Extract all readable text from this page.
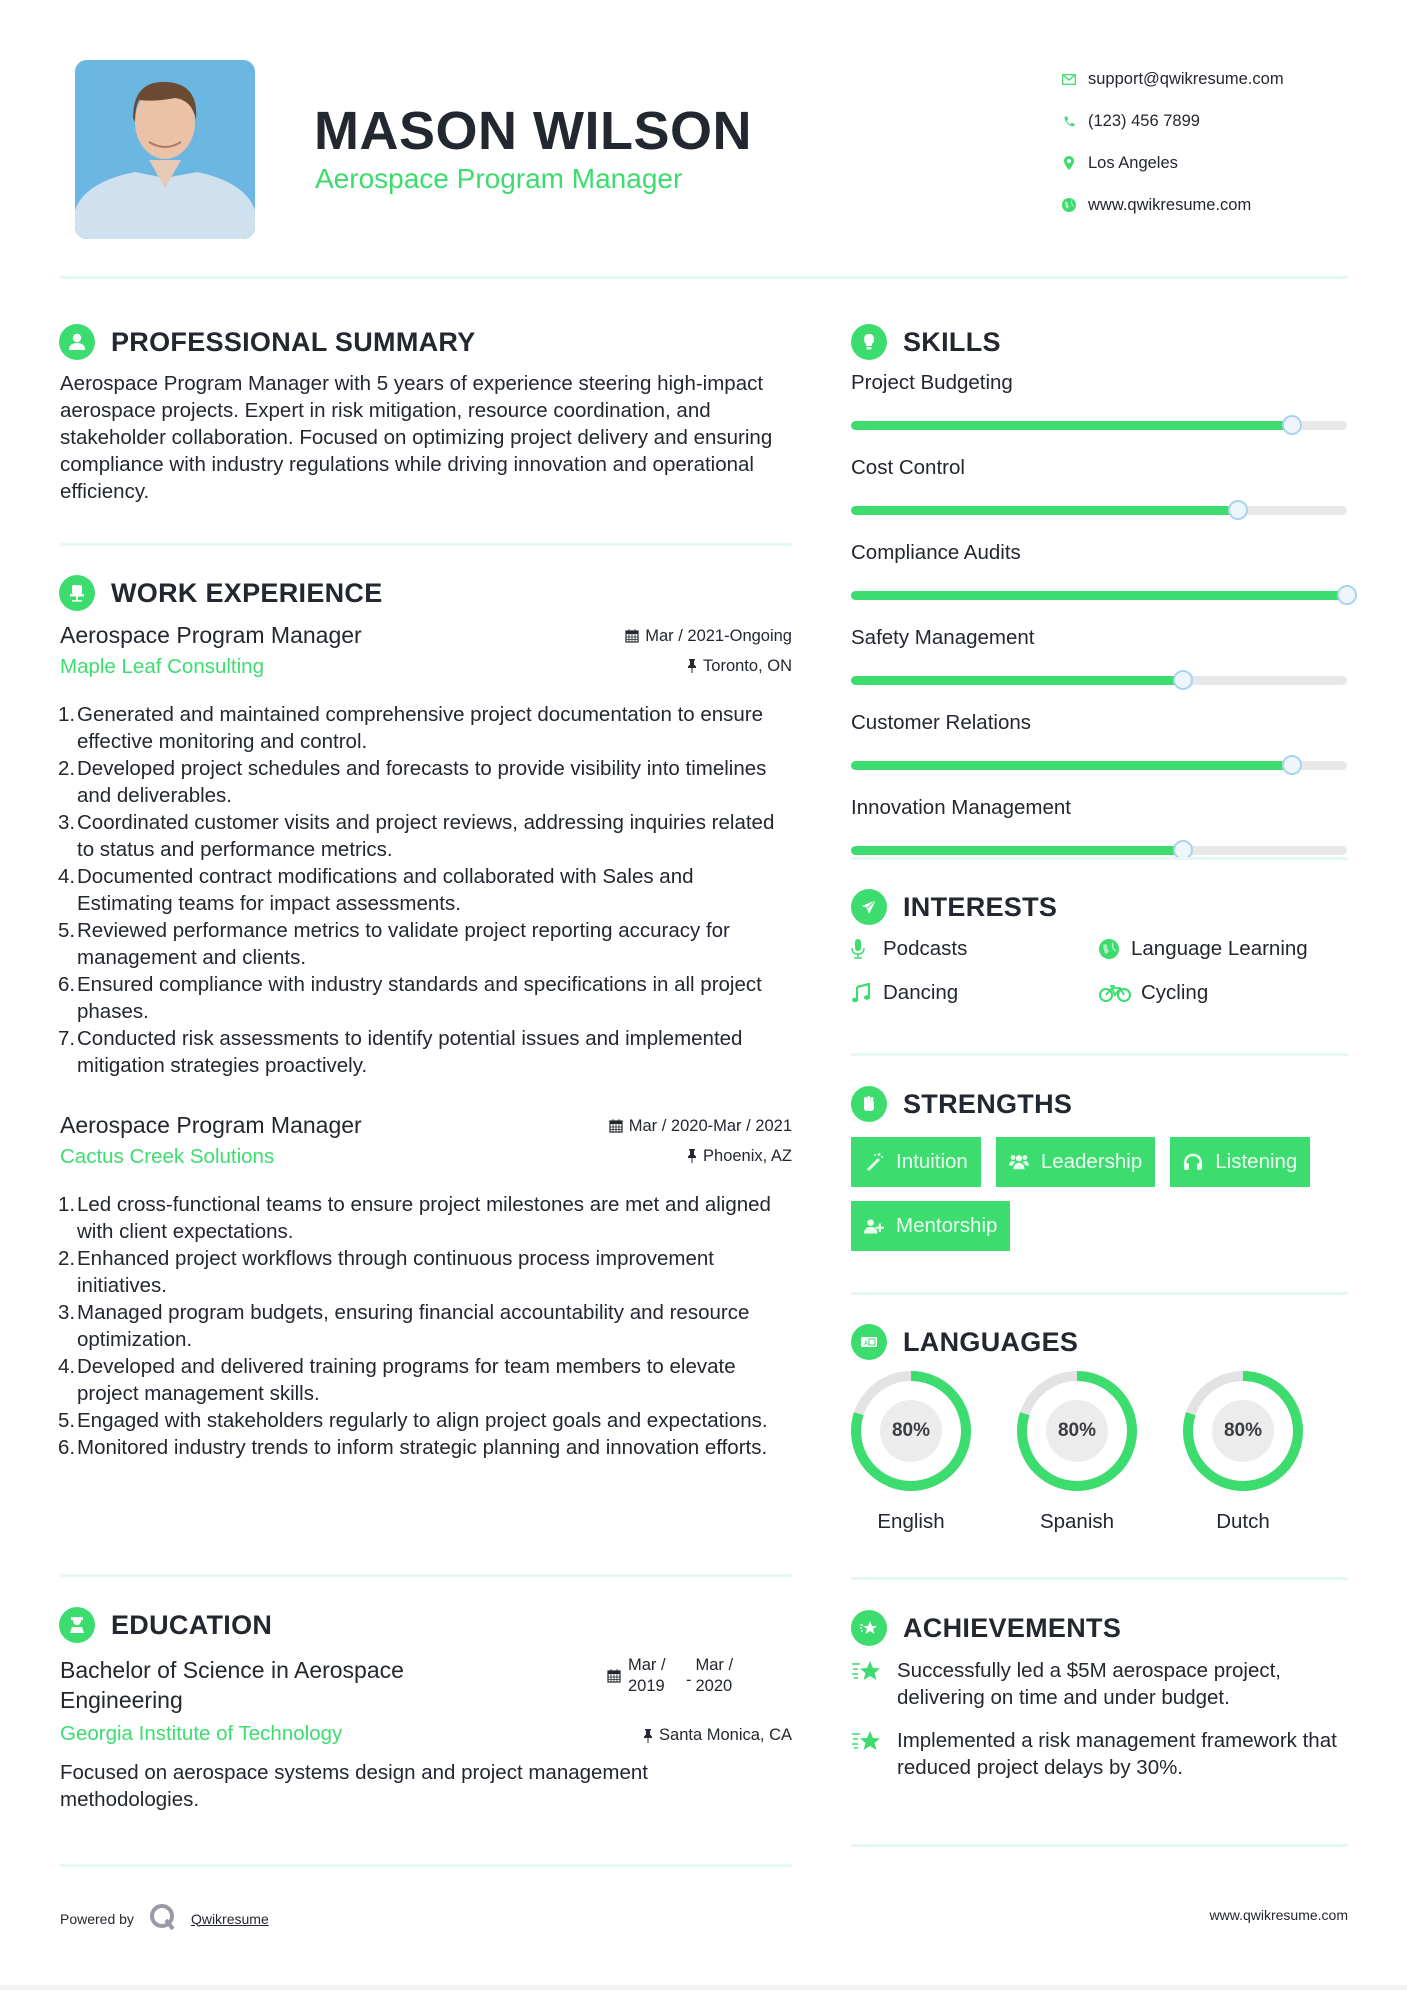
MASON WILSON
Aerospace Program Manager
support@qwikresume.com
(123) 456 7899
Los Angeles
www.qwikresume.com
PROFESSIONAL SUMMARY
Aerospace Program Manager with 5 years of experience steering high-impact aerospace projects. Expert in risk mitigation, resource coordination, and stakeholder collaboration. Focused on optimizing project delivery and ensuring compliance with industry regulations while driving innovation and operational efficiency.
WORK EXPERIENCE
Aerospace Program Manager	Mar / 2021-Ongoing
Maple Leaf Consulting	Toronto, ON
1. Generated and maintained comprehensive project documentation to ensure effective monitoring and control.
2. Developed project schedules and forecasts to provide visibility into timelines and deliverables.
3. Coordinated customer visits and project reviews, addressing inquiries related to status and performance metrics.
4. Documented contract modifications and collaborated with Sales and Estimating teams for impact assessments.
5. Reviewed performance metrics to validate project reporting accuracy for management and clients.
6. Ensured compliance with industry standards and specifications in all project phases.
7. Conducted risk assessments to identify potential issues and implemented mitigation strategies proactively.
Aerospace Program Manager	Mar / 2020-Mar / 2021
Cactus Creek Solutions	Phoenix, AZ
1. Led cross-functional teams to ensure project milestones are met and aligned with client expectations.
2. Enhanced project workflows through continuous process improvement initiatives.
3. Managed program budgets, ensuring financial accountability and resource optimization.
4. Developed and delivered training programs for team members to elevate project management skills.
5. Engaged with stakeholders regularly to align project goals and expectations.
6. Monitored industry trends to inform strategic planning and innovation efforts.
EDUCATION
Bachelor of Science in Aerospace Engineering
Mar / 2019	-
Mar / 2020
Georgia Institute of Technology	Santa Monica, CA
Focused on aerospace systems design and project management methodologies.
SKILLS
Project Budgeting
Cost Control
Compliance Audits
Safety Management
Customer Relations
Innovation Management
INTERESTS
Podcasts	Language Learning
Dancing	Cycling
STRENGTHS
Intuition	Leadership	Listening
Mentorship
A LANGUAGES
80%
English
80%
Spanish
80%
Dutch
ACHIEVEMENTS
Successfully led a $5M aerospace project, delivering on time and under budget.
Implemented a risk management framework that reduced project delays by 30%.
Powered by	Qwikresume	www.qwikresume.com
